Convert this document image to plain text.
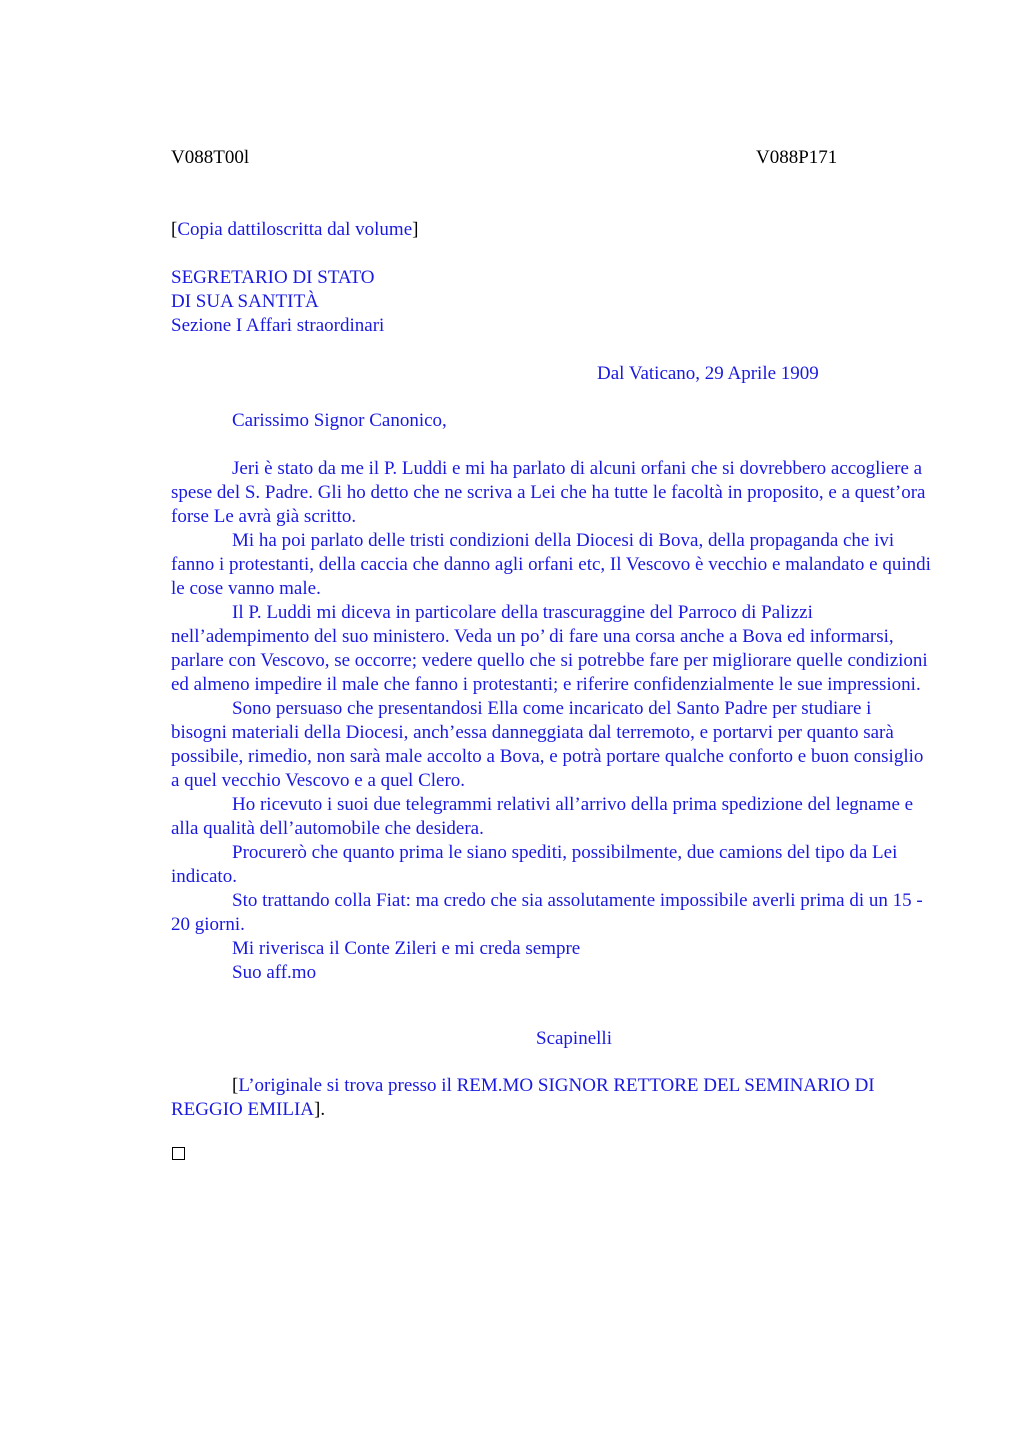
V088T00l	V088P171
[Copia dattiloscritta dal volume]
SEGRETARIO DI STATO
DI SUA SANTITÀ
Sezione I Affari straordinari
Dal Vaticano, 29 Aprile 1909
Carissimo Signor Canonico,

Jeri è stato da me il P. Luddi e mi ha parlato di alcuni orfani che si dovrebbero accogliere a spese del S. Padre. Gli ho detto che ne scriva a Lei che ha tutte le facoltà in proposito, e a quest’ora forse Le avrà già scritto.

Mi ha poi parlato delle tristi condizioni della Diocesi di Bova, della propaganda che ivi fanno i protestanti, della caccia che danno agli orfani etc, Il Vescovo è vecchio e malandato e quindi le cose vanno male.

Il P. Luddi mi diceva in particolare della trascuraggine del Parroco di Palizzi nell’adempimento del suo ministero. Veda un po’ di fare una corsa anche a Bova ed informarsi, parlare con Vescovo, se occorre; vedere quello che si potrebbe fare per migliorare quelle condizioni ed almeno impedire il male che fanno i protestanti; e riferire confidenzialmente le sue impressioni.

Sono persuaso che presentandosi Ella come incaricato del Santo Padre per studiare i bisogni materiali della Diocesi, anch’essa danneggiata dal terremoto, e portarvi per quanto sarà possibile, rimedio, non sarà male accolto a Bova, e potrà portare qualche conforto e buon consiglio a quel vecchio Vescovo e a quel Clero.

Ho ricevuto i suoi due telegrammi relativi all’arrivo della prima spedizione del legname e alla qualità dell’automobile che desidera.

Procurerò che quanto prima le siano spediti, possibilmente, due camions del tipo da Lei indicato.

Sto trattando colla Fiat: ma credo che sia assolutamente impossibile averli prima di un 15 - 20 giorni.

Mi riverisca il Conte Zileri e mi creda sempre

Suo aff.mo
Scapinelli

[L’originale si trova presso il REM.MO SIGNOR RETTORE DEL SEMINARIO DI REGGIO EMILIA].
